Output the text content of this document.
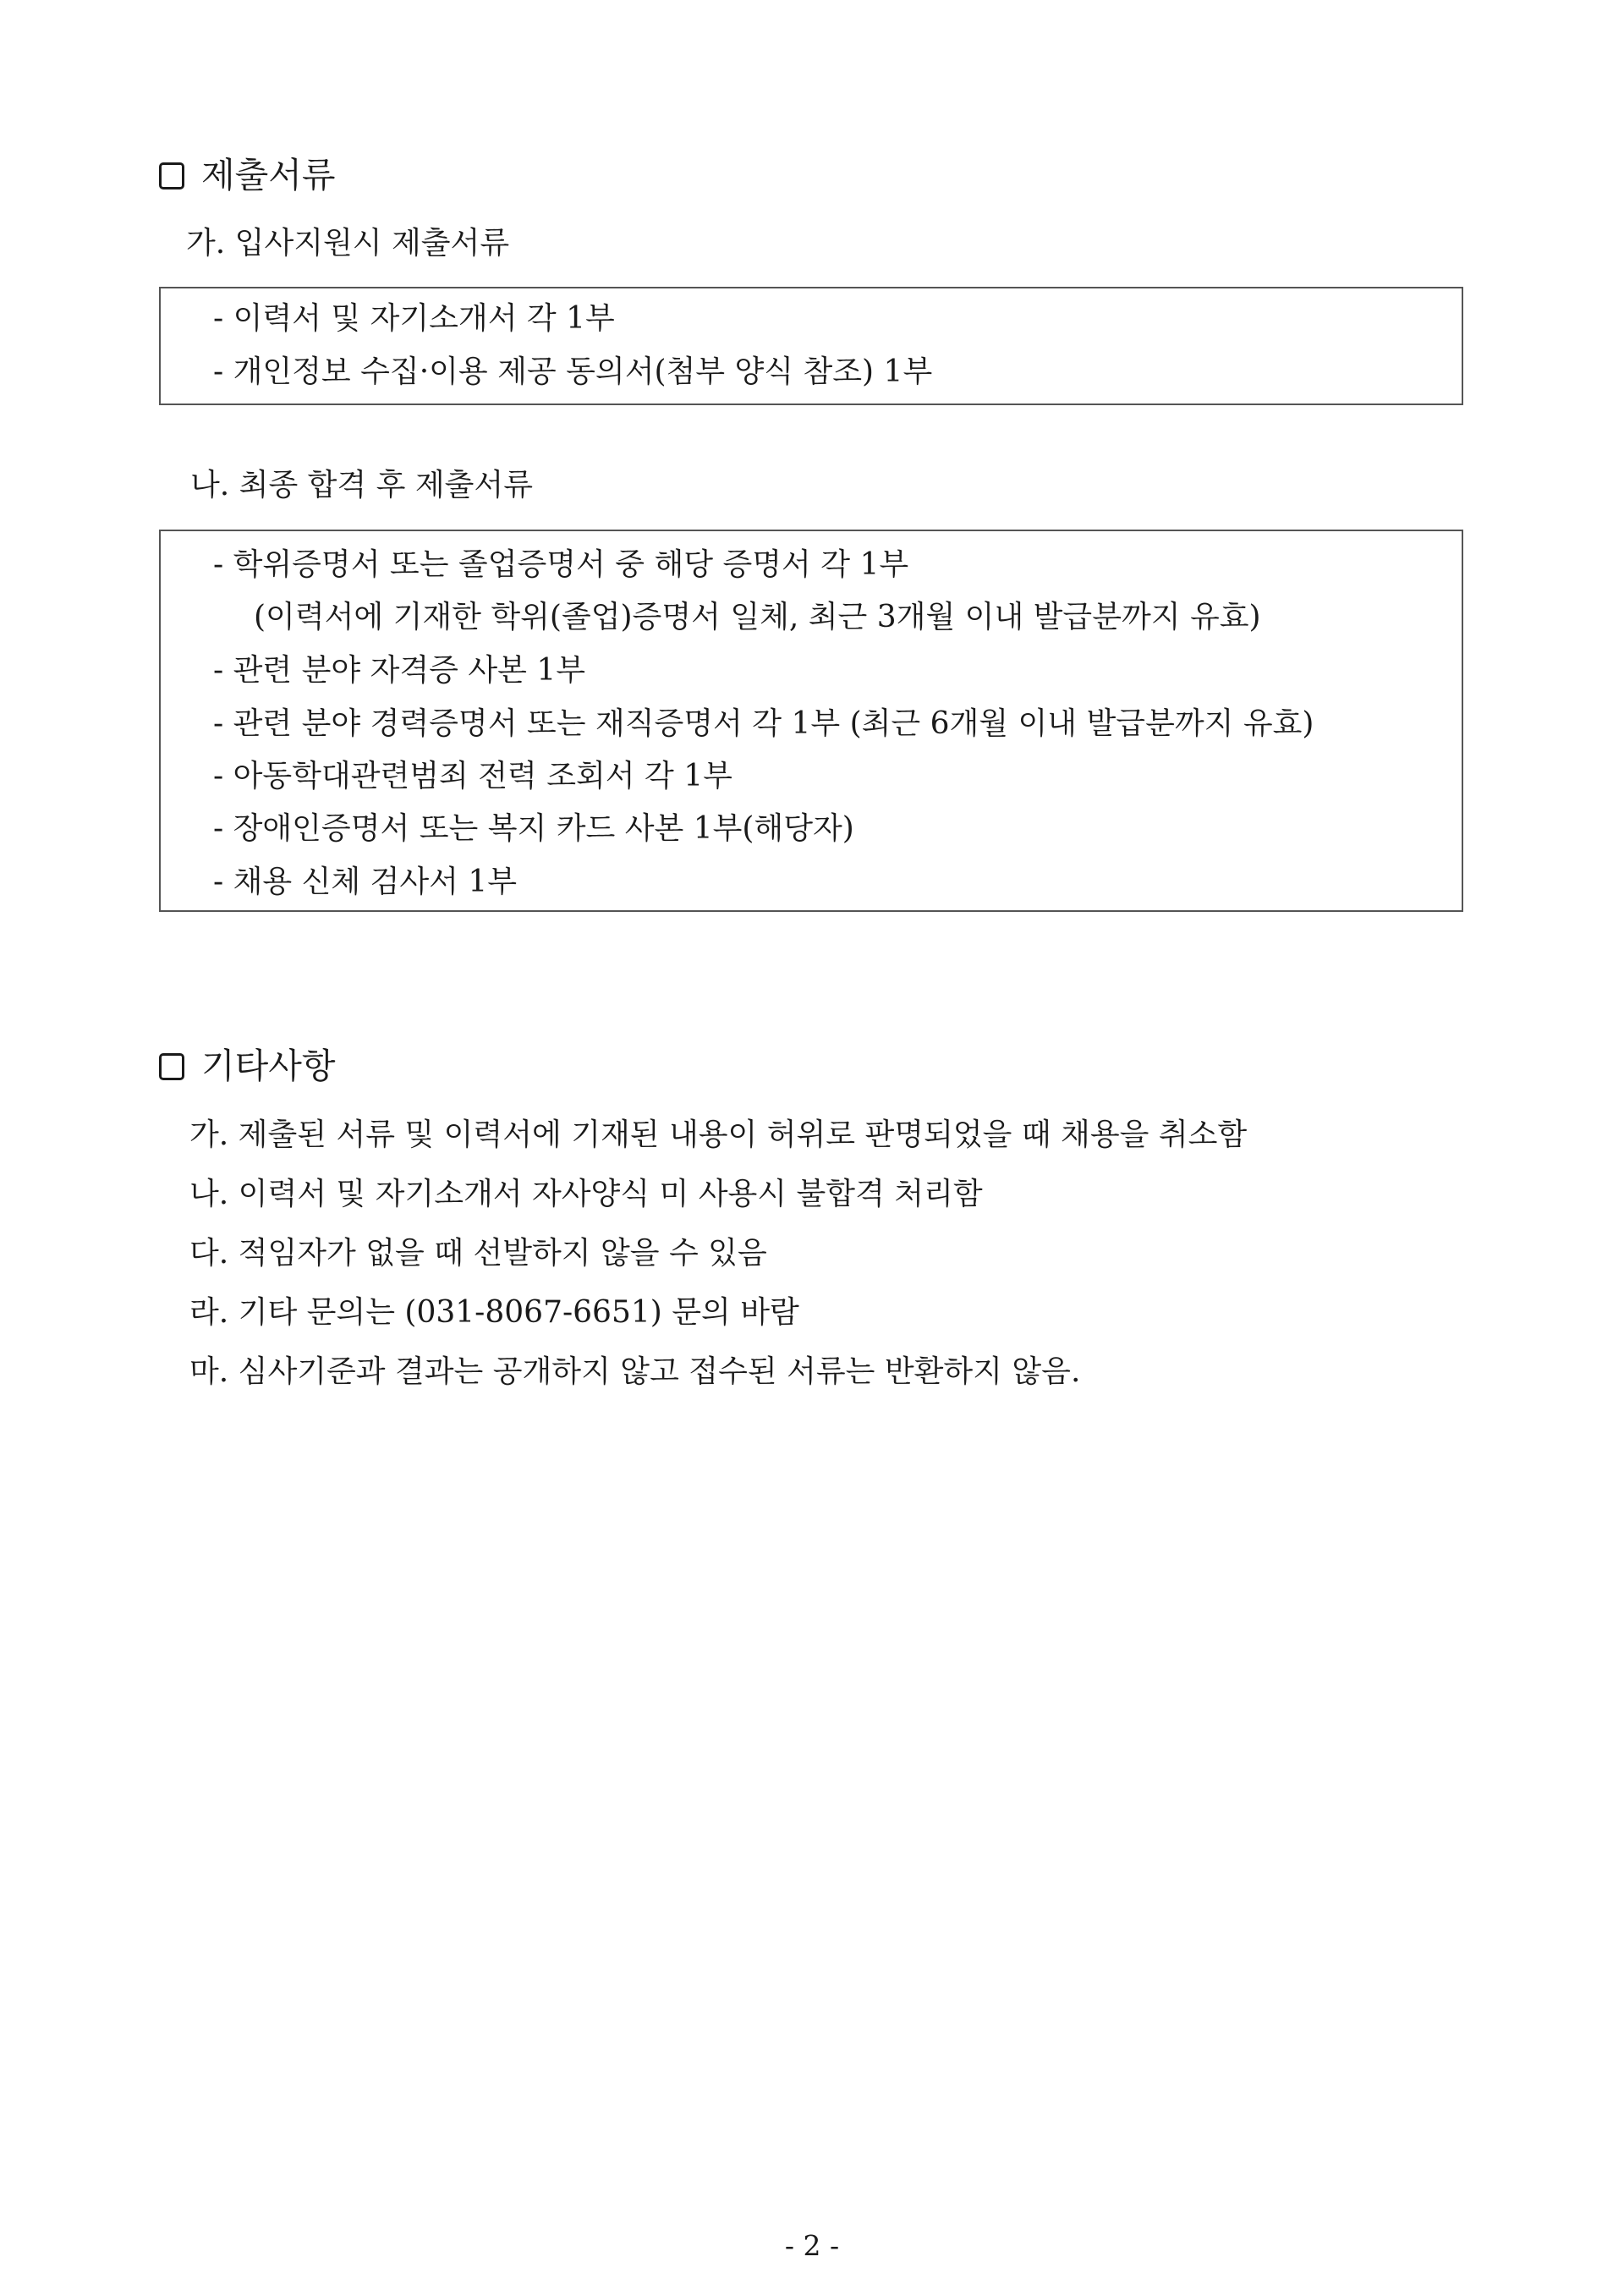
제출서류
가. 입사지원시 제출서류
- 이력서 및 자기소개서 각 1부
- 개인정보 수집·이용 제공 동의서(첨부 양식 참조) 1부
나. 최종 합격 후 제출서류
- 학위증명서 또는 졸업증명서 중 해당 증명서 각 1부
(이력서에 기재한 학위(졸업)증명서 일체, 최근 3개월 이내 발급분까지 유효)
- 관련 분야 자격증 사본 1부
- 관련 분야 경력증명서 또는 재직증명서 각 1부 (최근 6개월 이내 발급분까지 유효)
- 아동학대관련범죄 전력 조회서 각 1부
- 장애인증명서 또는 복지 카드 사본 1부(해당자)
- 채용 신체 검사서 1부
기타사항
가. 제출된 서류 및 이력서에 기재된 내용이 허위로 판명되었을 때 채용을 취소함
나. 이력서 및 자기소개서 자사양식 미 사용시 불합격 처리함
다. 적임자가 없을 때 선발하지 않을 수 있음
라. 기타 문의는 (031-8067-6651) 문의 바람
마. 심사기준과 결과는 공개하지 않고 접수된 서류는 반환하지 않음.
- 2 -
